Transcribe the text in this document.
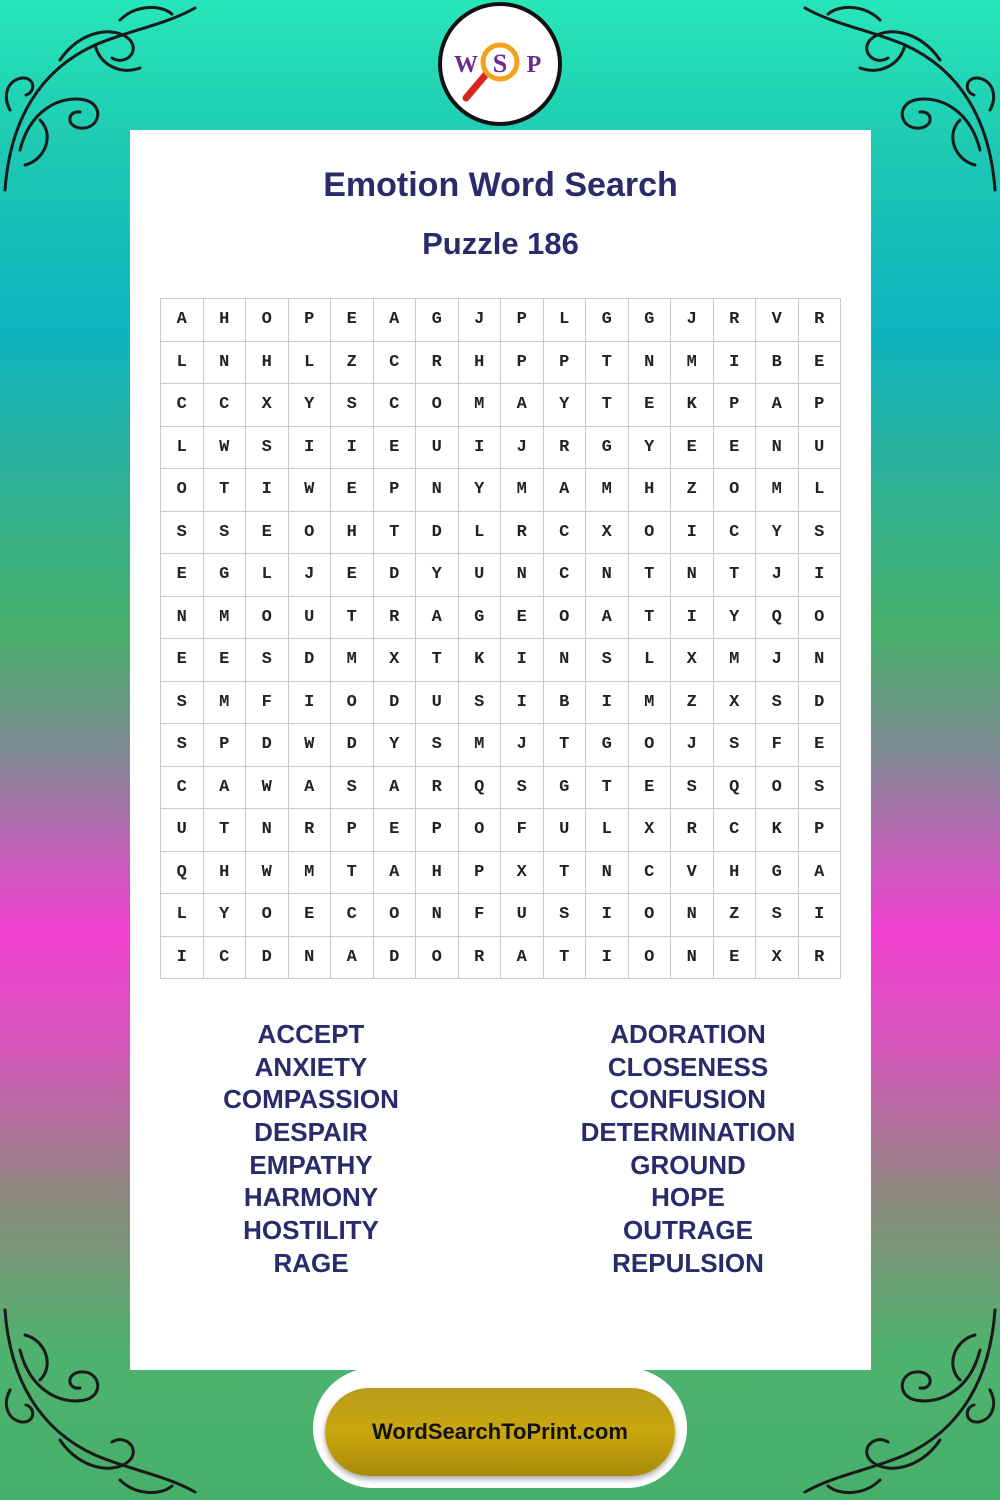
W S P
Emotion Word Search
Puzzle 186
A	H	O	P	E	A	G	J	P	L	G	G	J	R	V	R
L	N	H	L	Z	C	R	H	P	P	T	N	M	I	B	E
C	C	X	Y	S	C	O	M	A	Y	T	E	K	P	A	P
L	W	S	I	I	E	U	I	J	R	G	Y	E	E	N	U
O	T	I	W	E	P	N	Y	M	A	M	H	Z	O	M	L
S	S	E	O	H	T	D	L	R	C	X	O	I	C	Y	S
E	G	L	J	E	D	Y	U	N	C	N	T	N	T	J	I
N	M	O	U	T	R	A	G	E	O	A	T	I	Y	Q	O
E	E	S	D	M	X	T	K	I	N	S	L	X	M	J	N
S	M	F	I	O	D	U	S	I	B	I	M	Z	X	S	D
S	P	D	W	D	Y	S	M	J	T	G	O	J	S	F	E
C	A	W	A	S	A	R	Q	S	G	T	E	S	Q	O	S
U	T	N	R	P	E	P	O	F	U	L	X	R	C	K	P
Q	H	W	M	T	A	H	P	X	T	N	C	V	H	G	A
L	Y	O	E	C	O	N	F	U	S	I	O	N	Z	S	I
I	C	D	N	A	D	O	R	A	T	I	O	N	E	X	R
ACCEPT
ANXIETY
COMPASSION
DESPAIR
EMPATHY
HARMONY
HOSTILITY
RAGE
ADORATION
CLOSENESS
CONFUSION
DETERMINATION
GROUND
HOPE
OUTRAGE
REPULSION
WordSearchToPrint.com
